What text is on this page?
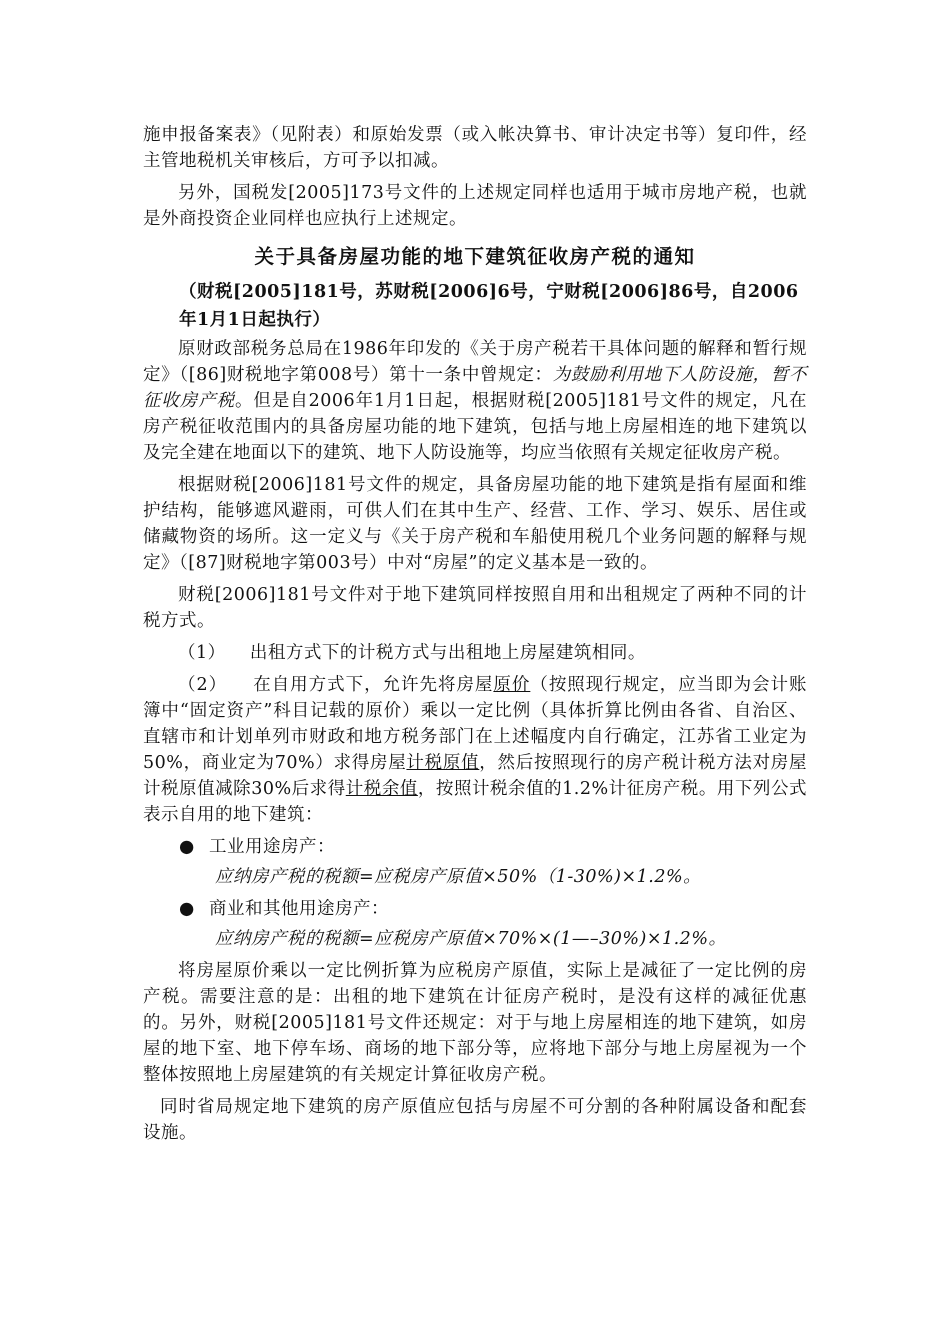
施申报备案表》（见附表）和原始发票（或入帐决算书、审计决定书等）复印件，经主管地税机关审核后，方可予以扣减。

另外，国税发[2005]173号文件的上述规定同样也适用于城市房地产税，也就是外商投资企业同样也应执行上述规定。

关于具备房屋功能的地下建筑征收房产税的通知
（财税[2005]181号，苏财税[2006]6号，宁财税[2006]86号，自2006年1月1日起执行）

原财政部税务总局在1986年印发的《关于房产税若干具体问题的解释和暂行规定》（[86]财税地字第008号）第十一条中曾规定：为鼓励利用地下人防设施，暂不征收房产税。但是自2006年1月1日起，根据财税[2005]181号文件的规定，凡在房产税征收范围内的具备房屋功能的地下建筑，包括与地上房屋相连的地下建筑以及完全建在地面以下的建筑、地下人防设施等，均应当依照有关规定征收房产税。

根据财税[2006]181号文件的规定，具备房屋功能的地下建筑是指有屋面和维护结构，能够遮风避雨，可供人们在其中生产、经营、工作、学习、娱乐、居住或储藏物资的场所。这一定义与《关于房产税和车船使用税几个业务问题的解释与规定》（[87]财税地字第003号）中对“房屋”的定义基本是一致的。

财税[2006]181号文件对于地下建筑同样按照自用和出租规定了两种不同的计税方式。

（1） 出租方式下的计税方式与出租地上房屋建筑相同。

（2） 在自用方式下，允许先将房屋原价（按照现行规定，应当即为会计账簿中“固定资产”科目记载的原价）乘以一定比例（具体折算比例由各省、自治区、直辖市和计划单列市财政和地方税务部门在上述幅度内自行确定，江苏省工业定为50%，商业定为70%）求得房屋计税原值，然后按照现行的房产税计税方法对房屋计税原值减除30%后求得计税余值，按照计税余值的1.2%计征房产税。用下列公式表示自用的地下建筑：

● 工业用途房产：
应纳房产税的税额=应税房产原值×50%（1-30%)×1.2%。
● 商业和其他用途房产：
应纳房产税的税额=应税房产原值×70%×(1—–30%)×1.2%。

将房屋原价乘以一定比例折算为应税房产原值，实际上是减征了一定比例的房产税。需要注意的是：出租的地下建筑在计征房产税时，是没有这样的减征优惠的。另外，财税[2005]181号文件还规定：对于与地上房屋相连的地下建筑，如房屋的地下室、地下停车场、商场的地下部分等，应将地下部分与地上房屋视为一个整体按照地上房屋建筑的有关规定计算征收房产税。

同时省局规定地下建筑的房产原值应包括与房屋不可分割的各种附属设备和配套设施。
